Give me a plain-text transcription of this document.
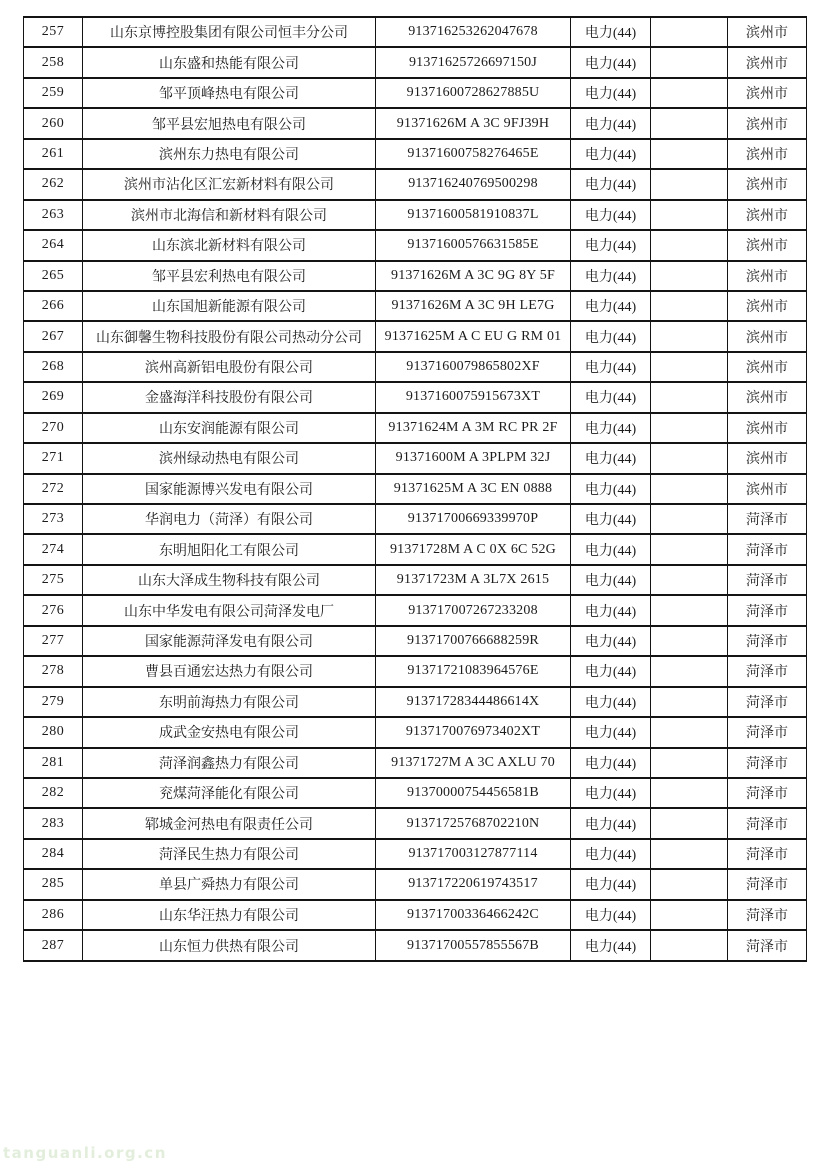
257	山东京博控股集团有限公司恒丰分公司	913716253262047678	电力(44)		滨州市
258	山东盛和热能有限公司	91371625726697150J	电力(44)		滨州市
259	邹平顶峰热电有限公司	91371600728627885U	电力(44)		滨州市
260	邹平县宏旭热电有限公司	91371626M A 3C 9FJ39H	电力(44)		滨州市
261	滨州东力热电有限公司	91371600758276465E	电力(44)		滨州市
262	滨州市沾化区汇宏新材料有限公司	913716240769500298	电力(44)		滨州市
263	滨州市北海信和新材料有限公司	91371600581910837L	电力(44)		滨州市
264	山东滨北新材料有限公司	91371600576631585E	电力(44)		滨州市
265	邹平县宏利热电有限公司	91371626M A 3C 9G 8Y 5F	电力(44)		滨州市
266	山东国旭新能源有限公司	91371626M A 3C 9H LE7G	电力(44)		滨州市
267	山东御馨生物科技股份有限公司热动分公司	91371625M A C EU G RM 01	电力(44)		滨州市
268	滨州高新铝电股份有限公司	9137160079865802XF	电力(44)		滨州市
269	金盛海洋科技股份有限公司	9137160075915673XT	电力(44)		滨州市
270	山东安润能源有限公司	91371624M A 3M RC PR 2F	电力(44)		滨州市
271	滨州绿动热电有限公司	91371600M A 3PLPM 32J	电力(44)		滨州市
272	国家能源博兴发电有限公司	91371625M A 3C EN 0888	电力(44)		滨州市
273	华润电力（菏泽）有限公司	91371700669339970P	电力(44)		菏泽市
274	东明旭阳化工有限公司	91371728M A C 0X 6C 52G	电力(44)		菏泽市
275	山东大泽成生物科技有限公司	91371723M A 3L7X 2615	电力(44)		菏泽市
276	山东中华发电有限公司菏泽发电厂	913717007267233208	电力(44)		菏泽市
277	国家能源菏泽发电有限公司	91371700766688259R	电力(44)		菏泽市
278	曹县百通宏达热力有限公司	91371721083964576E	电力(44)		菏泽市
279	东明前海热力有限公司	91371728344486614X	电力(44)		菏泽市
280	成武金安热电有限公司	9137170076973402XT	电力(44)		菏泽市
281	菏泽润鑫热力有限公司	91371727M A 3C AXLU 70	电力(44)		菏泽市
282	兖煤菏泽能化有限公司	91370000754456581B	电力(44)		菏泽市
283	郓城金河热电有限责任公司	91371725768702210N	电力(44)		菏泽市
284	菏泽民生热力有限公司	913717003127877114	电力(44)		菏泽市
285	单县广舜热力有限公司	913717220619743517	电力(44)		菏泽市
286	山东华汪热力有限公司	91371700336466242C	电力(44)		菏泽市
287	山东恒力供热有限公司	91371700557855567B	电力(44)		菏泽市
tanguanli.org.cn
